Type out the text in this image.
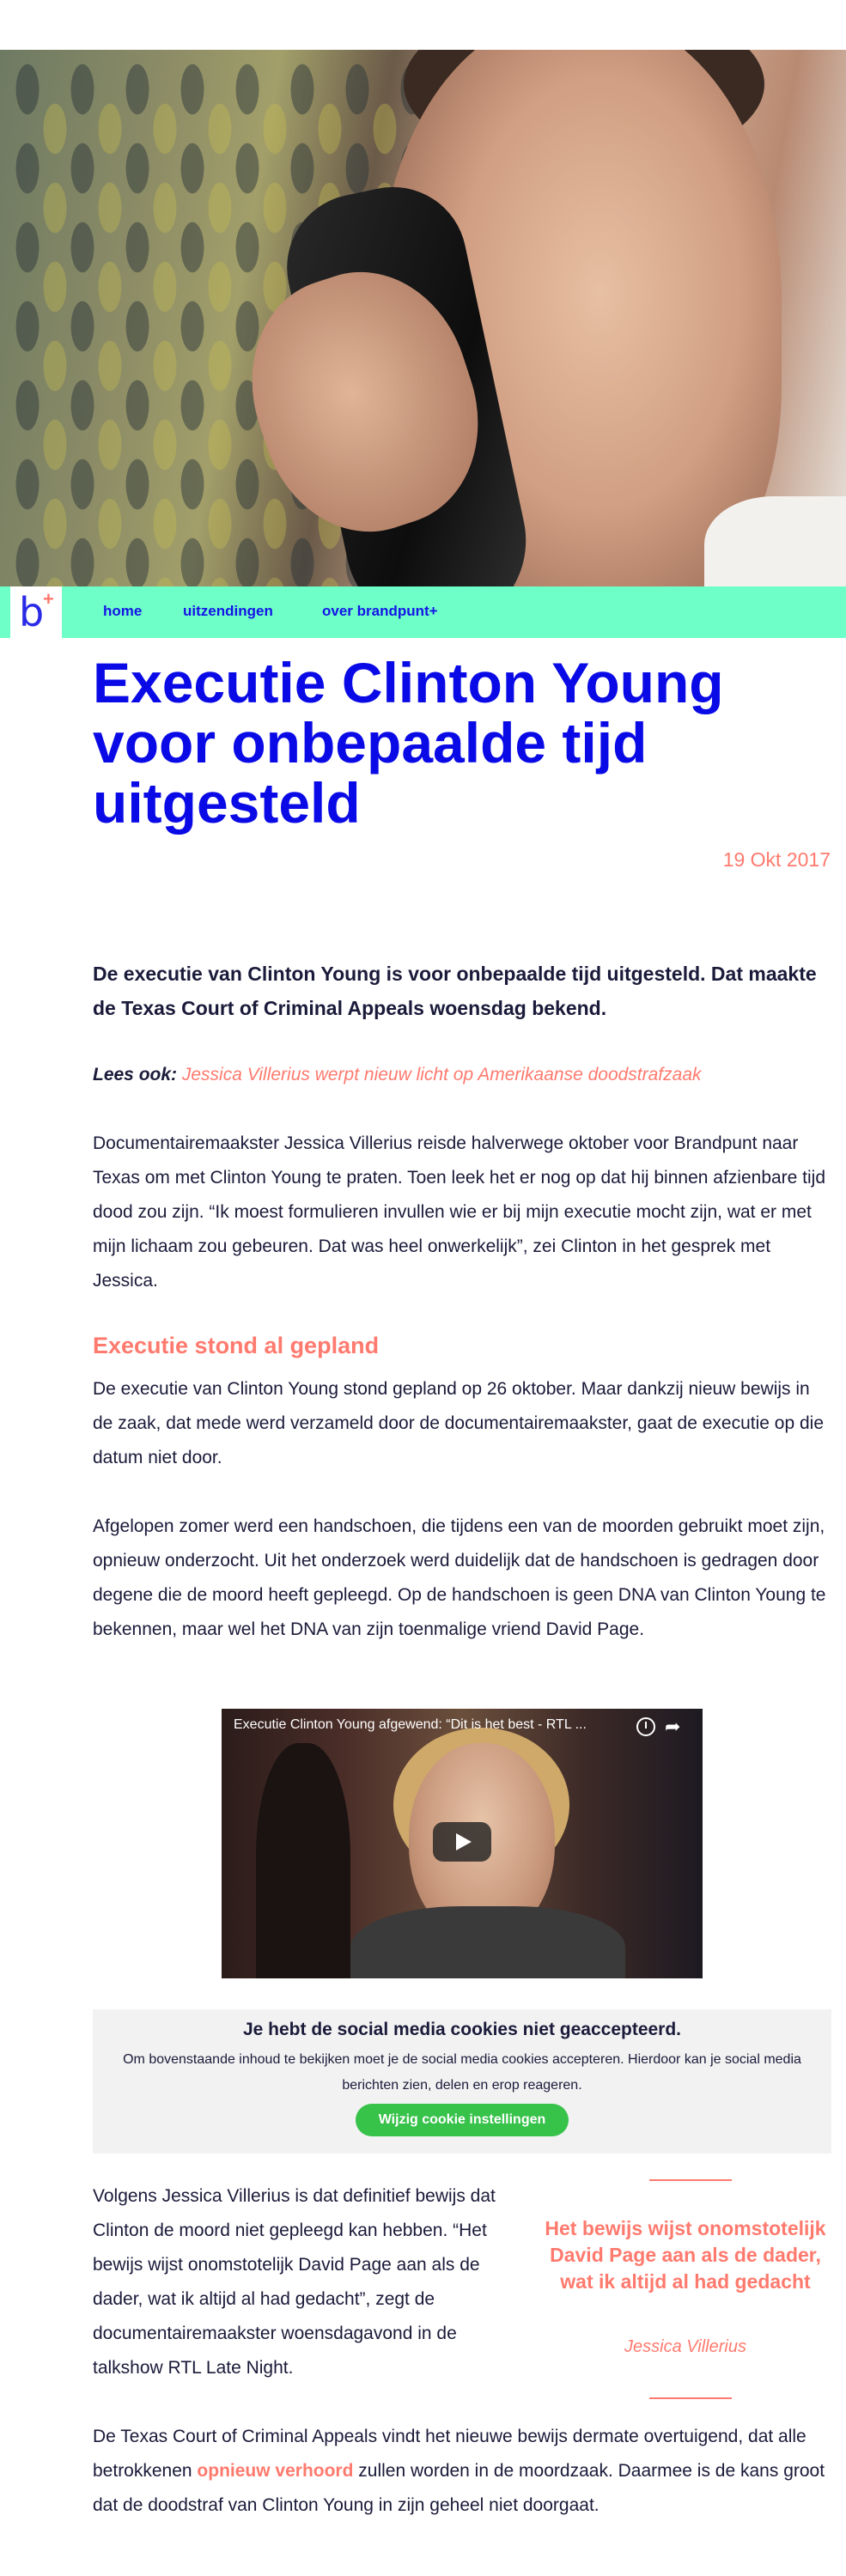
home	uitzendingen	over brandpunt+
b
+
Executie Clinton Young voor onbepaalde tijd uitgesteld
19 Okt 2017

De executie van Clinton Young is voor onbepaalde tijd uitgesteld. Dat maakte de Texas Court of Criminal Appeals woensdag bekend.

Lees ook: Jessica Villerius werpt nieuw licht op Amerikaanse doodstrafzaak

Documentairemaakster Jessica Villerius reisde halverwege oktober voor Brandpunt naar Texas om met Clinton Young te praten. Toen leek het er nog op dat hij binnen afzienbare tijd dood zou zijn. “Ik moest formulieren invullen wie er bij mijn executie mocht zijn, wat er met mijn lichaam zou gebeuren. Dat was heel onwerkelijk”, zei Clinton in het gesprek met Jessica.

Executie stond al gepland

De executie van Clinton Young stond gepland op 26 oktober. Maar dankzij nieuw bewijs in de zaak, dat mede werd verzameld door de documentairemaakster, gaat de executie op die datum niet door.

Afgelopen zomer werd een handschoen, die tijdens een van de moorden gebruikt moet zijn, opnieuw onderzocht. Uit het onderzoek werd duidelijk dat de handschoen is gedragen door degene die de moord heeft gepleegd. Op de handschoen is geen DNA van Clinton Young te bekennen, maar wel het DNA van zijn toenmalige vriend David Page.

Executie Clinton Young afgewend: “Dit is het best - RTL ...	➦
Je hebt de social media cookies niet geaccepteerd.
Om bovenstaande inhoud te bekijken moet je de social media cookies accepteren. Hierdoor kan je social media berichten zien, delen en erop reageren.
Wijzig cookie instellingen

Volgens Jessica Villerius is dat definitief bewijs dat Clinton de moord niet gepleegd kan hebben. “Het bewijs wijst onomstotelijk David Page aan als de dader, wat ik altijd al had gedacht”, zegt de documentairemaakster woensdagavond in de talkshow RTL Late Night.

Het bewijs wijst onomstotelijk David Page aan als de dader, wat ik altijd al had gedacht
Jessica Villerius

De Texas Court of Criminal Appeals vindt het nieuwe bewijs dermate overtuigend, dat alle betrokkenen opnieuw verhoord zullen worden in de moordzaak. Daarmee is de kans groot dat de doodstraf van Clinton Young in zijn geheel niet doorgaat.
